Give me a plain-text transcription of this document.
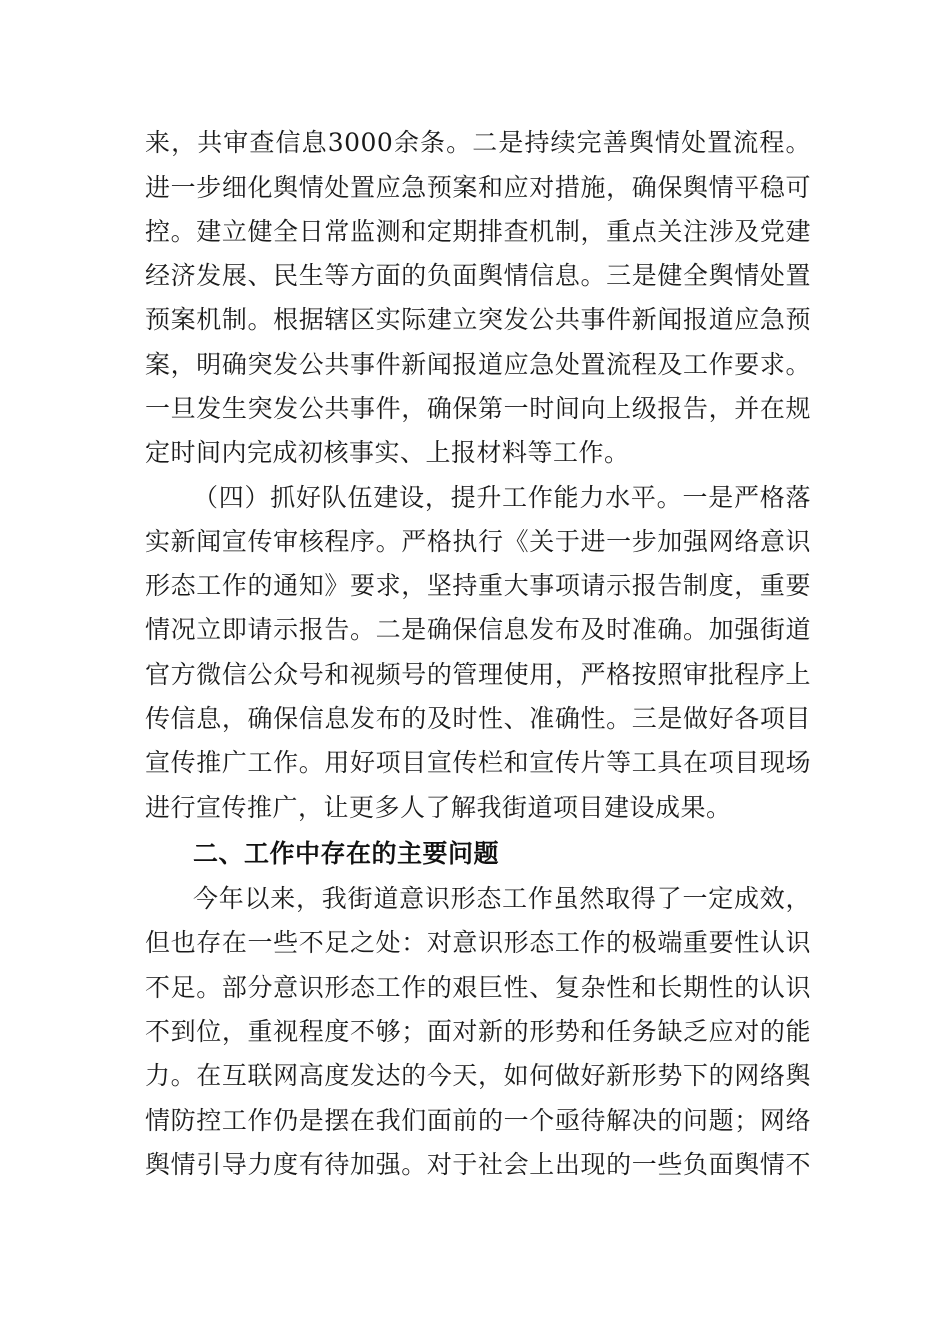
来，共审查信息3000余条。二是持续完善舆情处置流程。
进一步细化舆情处置应急预案和应对措施，确保舆情平稳可
控。建立健全日常监测和定期排查机制，重点关注涉及党建
经济发展、民生等方面的负面舆情信息。三是健全舆情处置
预案机制。根据辖区实际建立突发公共事件新闻报道应急预
案，明确突发公共事件新闻报道应急处置流程及工作要求。
一旦发生突发公共事件，确保第一时间向上级报告，并在规
定时间内完成初核事实、上报材料等工作。
（四）抓好队伍建设，提升工作能力水平。一是严格落
实新闻宣传审核程序。严格执行《关于进一步加强网络意识
形态工作的通知》要求，坚持重大事项请示报告制度，重要
情况立即请示报告。二是确保信息发布及时准确。加强街道
官方微信公众号和视频号的管理使用，严格按照审批程序上
传信息，确保信息发布的及时性、准确性。三是做好各项目
宣传推广工作。用好项目宣传栏和宣传片等工具在项目现场
进行宣传推广，让更多人了解我街道项目建设成果。
二、工作中存在的主要问题
今年以来，我街道意识形态工作虽然取得了一定成效，
但也存在一些不足之处：对意识形态工作的极端重要性认识
不足。部分意识形态工作的艰巨性、复杂性和长期性的认识
不到位，重视程度不够；面对新的形势和任务缺乏应对的能
力。在互联网高度发达的今天，如何做好新形势下的网络舆
情防控工作仍是摆在我们面前的一个亟待解决的问题；网络
舆情引导力度有待加强。对于社会上出现的一些负面舆情不
